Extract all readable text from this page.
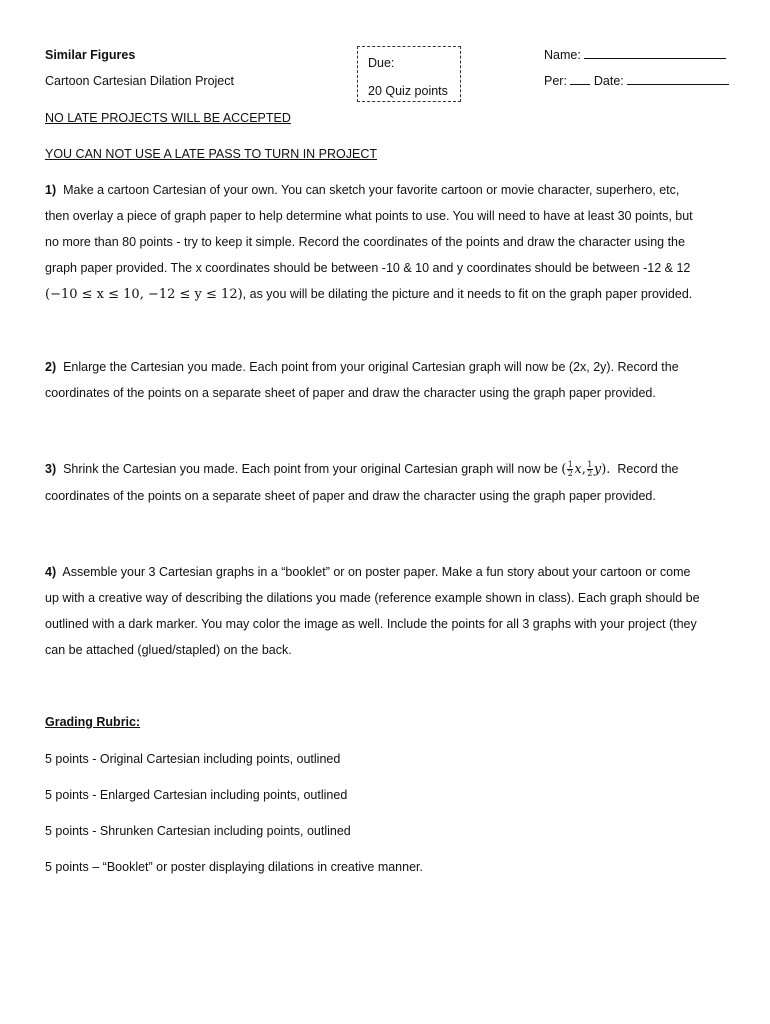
Similar Figures
Cartoon Cartesian Dilation Project
Due:
20 Quiz points
Name:
Per: Date:
NO LATE PROJECTS WILL BE ACCEPTED
YOU CAN NOT USE A LATE PASS TO TURN IN PROJECT
1) Make a cartoon Cartesian of your own. You can sketch your favorite cartoon or movie character, superhero, etc,
then overlay a piece of graph paper to help determine what points to use. You will need to have at least 30 points, but
no more than 80 points - try to keep it simple. Record the coordinates of the points and draw the character using the
graph paper provided. The x coordinates should be between -10 & 10 and y coordinates should be between -12 & 12
(−10 ≤ x ≤ 10, −12 ≤ y ≤ 12), as you will be dilating the picture and it needs to fit on the graph paper provided.
2) Enlarge the Cartesian you made. Each point from your original Cartesian graph will now be (2x, 2y). Record the
coordinates of the points on a separate sheet of paper and draw the character using the graph paper provided.
3) Shrink the Cartesian you made. Each point from your original Cartesian graph will now be ( $\frac{1}{2} x$, $\frac{1}{2} y$). Record the
coordinates of the points on a separate sheet of paper and draw the character using the graph paper provided.
4) Assemble your 3 Cartesian graphs in a “booklet” or on poster paper. Make a fun story about your cartoon or come
up with a creative way of describing the dilations you made (reference example shown in class). Each graph should be
outlined with a dark marker. You may color the image as well. Include the points for all 3 graphs with your project (they
can be attached (glued/stapled) on the back.
Grading Rubric:
5 points - Original Cartesian including points, outlined
5 points - Enlarged Cartesian including points, outlined
5 points - Shrunken Cartesian including points, outlined
5 points – “Booklet” or poster displaying dilations in creative manner.
